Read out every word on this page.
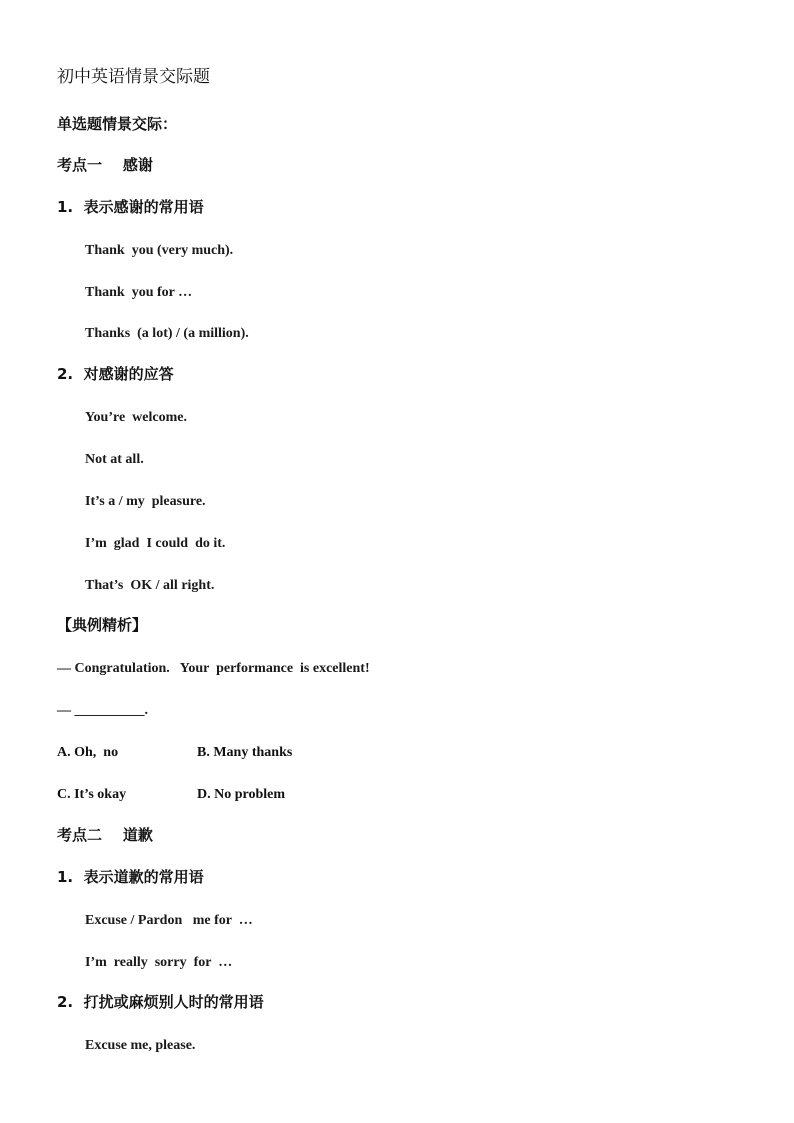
初中英语情景交际题
单选题情景交际：
考点一    感谢
1.  表示感谢的常用语
Thank  you (very much).
Thank  you for …
Thanks  (a lot) / (a million).
2.  对感谢的应答
You’re  welcome.
Not at all.
It’s a / my  pleasure.
I’m  glad  I could  do it.
That’s  OK / all right.
【典例精析】
— Congratulation.   Your  performance  is excellent!
— __________.
A. Oh,  no	B. Many thanks
C. It’s okay	D. No problem
考点二    道歉
1.  表示道歉的常用语
Excuse / Pardon   me for  …
I’m  really  sorry  for  …
2.  打扰或麻烦别人时的常用语
Excuse me, please.
